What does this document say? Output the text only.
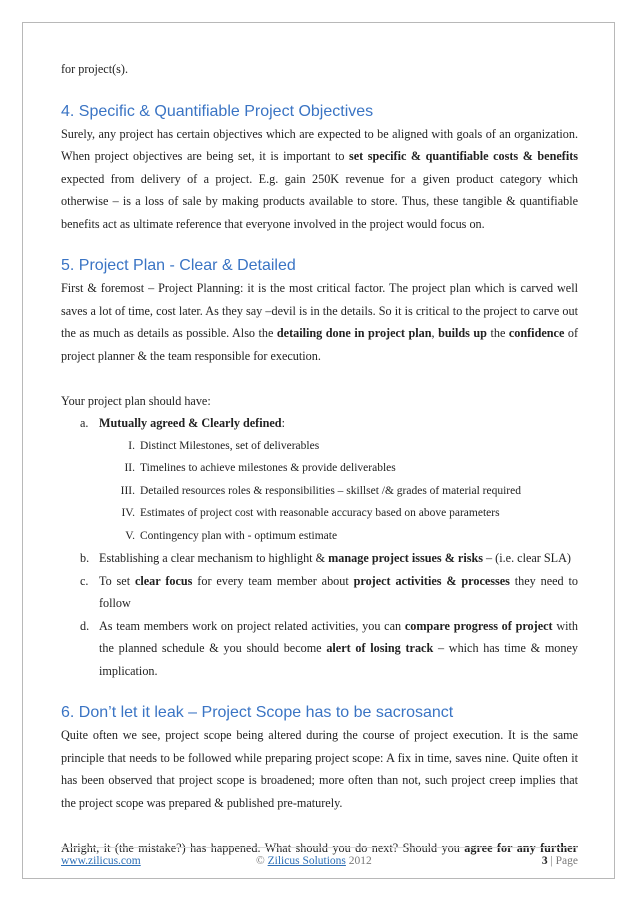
for project(s).

4. Specific & Quantifiable Project Objectives

Surely, any project has certain objectives which are expected to be aligned with goals of an organization. When project objectives are being set, it is important to set specific & quantifiable costs & benefits expected from delivery of a project. E.g. gain 250K revenue for a given product category which otherwise – is a loss of sale by making products available to store. Thus, these tangible & quantifiable benefits act as ultimate reference that everyone involved in the project would focus on.

5. Project Plan - Clear & Detailed

First & foremost – Project Planning: it is the most critical factor. The project plan which is carved well saves a lot of time, cost later. As they say –devil is in the details. So it is critical to the project to carve out the as much as details as possible. Also the detailing done in project plan, builds up the confidence of project planner & the team responsible for execution.

Your project plan should have:

a. Mutually agreed & Clearly defined:
I. Distinct Milestones, set of deliverables
II. Timelines to achieve milestones & provide deliverables
III. Detailed resources roles & responsibilities – skillset /& grades of material required
IV. Estimates of project cost with reasonable accuracy based on above parameters
V. Contingency plan with - optimum estimate
b. Establishing a clear mechanism to highlight & manage project issues & risks – (i.e. clear SLA)
c. To set clear focus for every team member about project activities & processes they need to follow
d. As team members work on project related activities, you can compare progress of project with the planned schedule & you should become alert of losing track – which has time & money implication.
6. Don’t let it leak – Project Scope has to be sacrosanct

Quite often we see, project scope being altered during the course of project execution. It is the same principle that needs to be followed while preparing project scope: A fix in time, saves nine. Quite often it has been observed that project scope is broadened; more often than not, such project creep implies that the project scope was prepared & published pre-maturely.

Alright, it (the mistake?) has happened. What should you do next? Should you agree for any further

www.zilicus.com	© Zilicus Solutions 2012	3 | Page
